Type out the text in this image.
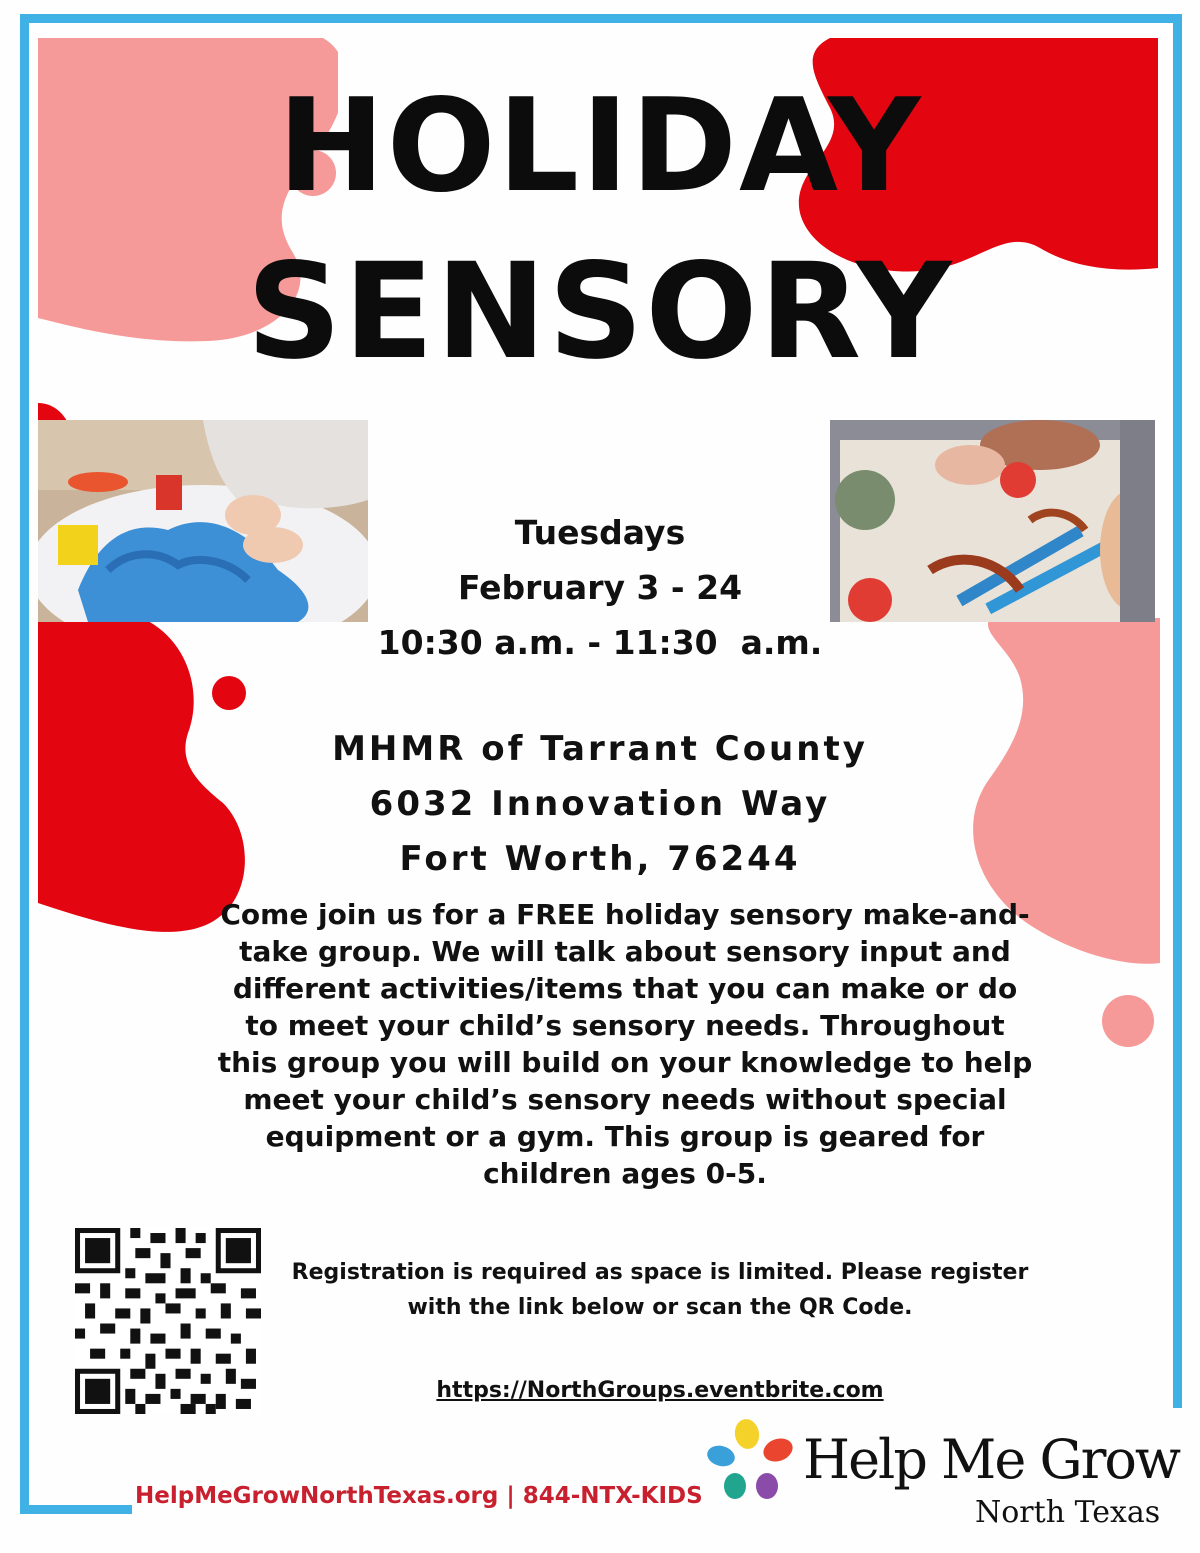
HOLIDAY
SENSORY
Tuesdays
February 3 - 24
10:30 a.m. - 11:30  a.m.
MHMR of Tarrant County
6032 Innovation Way
Fort Worth, 76244
Come join us for a FREE holiday sensory make-and-take group. We will talk about sensory input and different activities/items that you can make or do to meet your child’s sensory needs. Throughout this group you will build on your knowledge to help meet your child’s sensory needs without special equipment or a gym. This group is geared for children ages 0-5.
Registration is required as space is limited. Please register with the link below or scan the QR Code.
https://NorthGroups.eventbrite.com
HelpMeGrowNorthTexas.org | 844-NTX-KIDS
Help Me Grow
North Texas
